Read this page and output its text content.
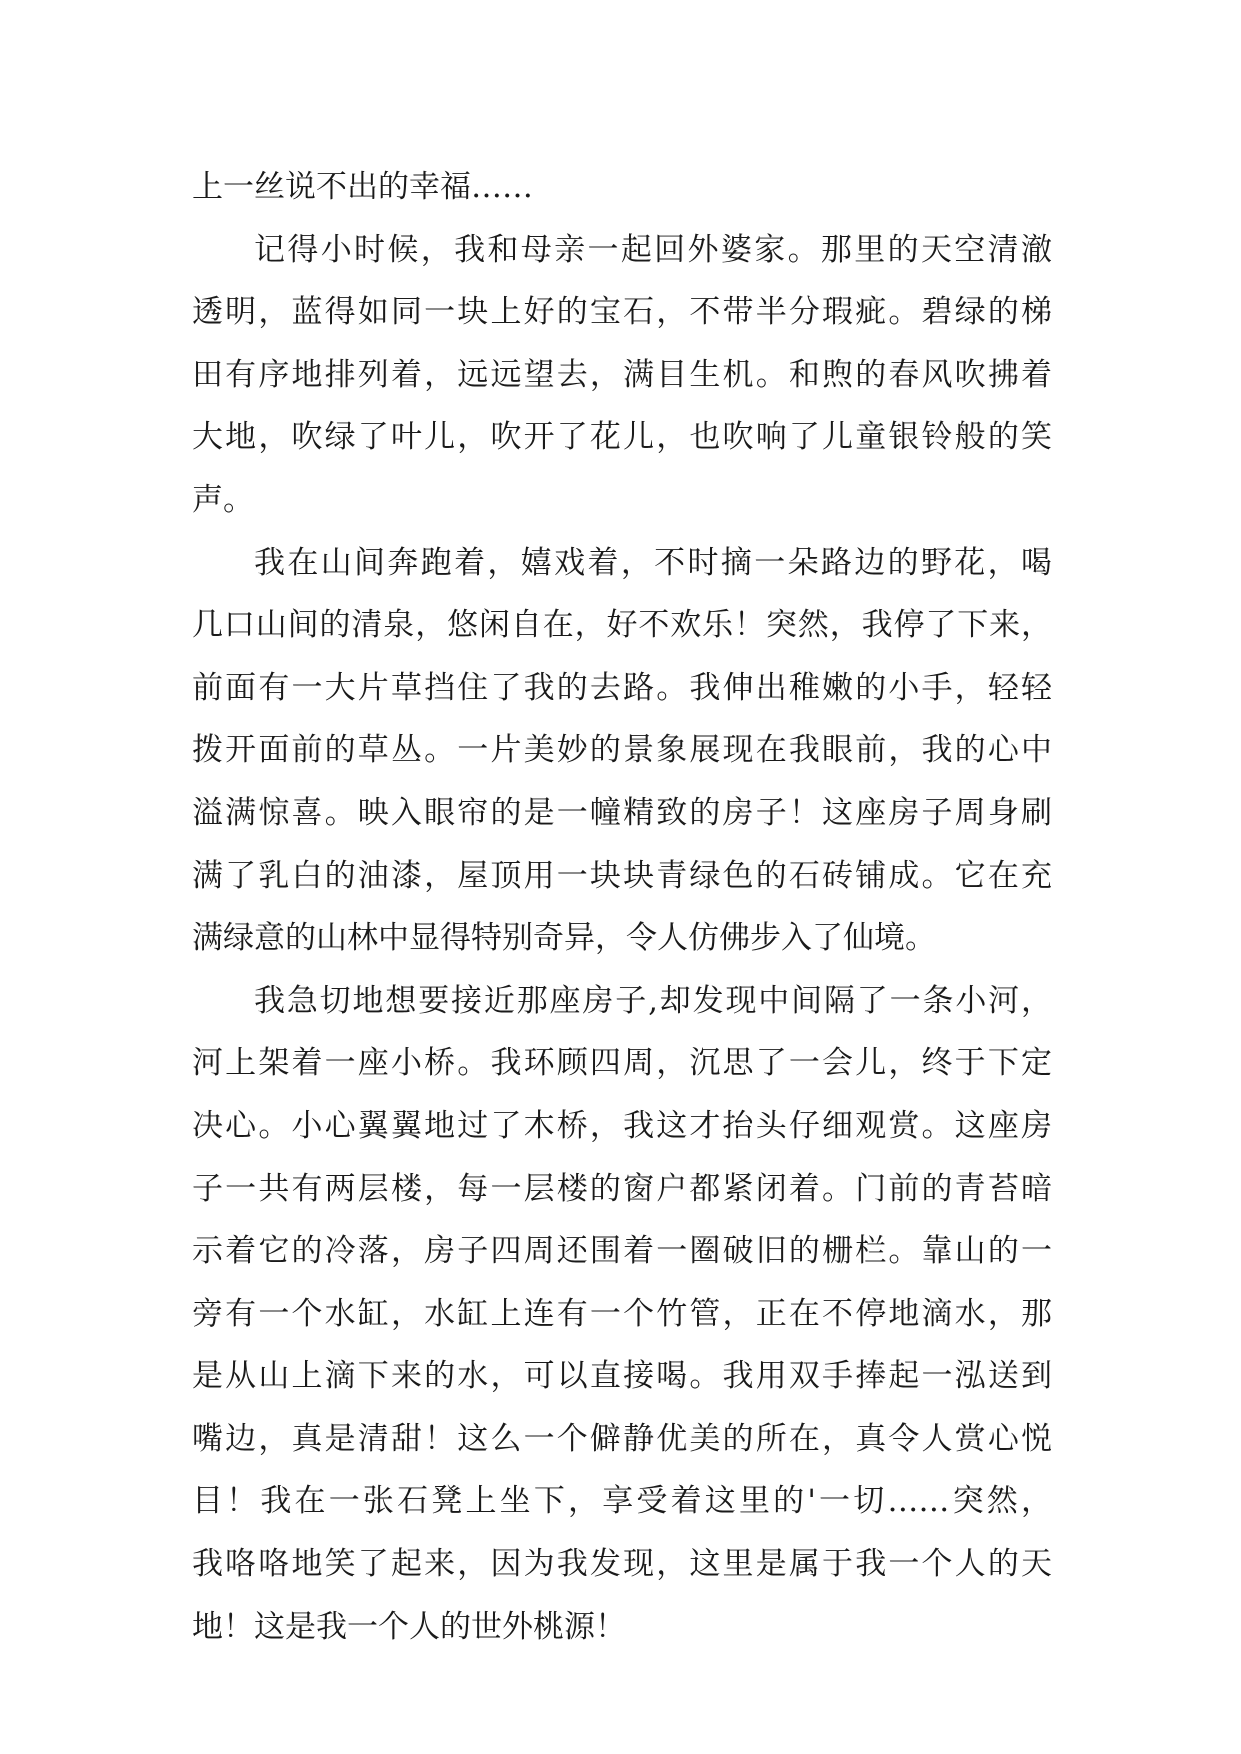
上一丝说不出的幸福……
记得小时候，我和母亲一起回外婆家。那里的天空清澈
透明，蓝得如同一块上好的宝石，不带半分瑕疵。碧绿的梯
田有序地排列着，远远望去，满目生机。和煦的春风吹拂着
大地，吹绿了叶儿，吹开了花儿，也吹响了儿童银铃般的笑
声。
我在山间奔跑着，嬉戏着，不时摘一朵路边的野花，喝
几口山间的清泉，悠闲自在，好不欢乐！突然，我停了下来，
前面有一大片草挡住了我的去路。我伸出稚嫩的小手，轻轻
拨开面前的草丛。一片美妙的景象展现在我眼前，我的心中
溢满惊喜。映入眼帘的是一幢精致的房子！这座房子周身刷
满了乳白的油漆，屋顶用一块块青绿色的石砖铺成。它在充
满绿意的山林中显得特别奇异，令人仿佛步入了仙境。
我急切地想要接近那座房子,却发现中间隔了一条小河，
河上架着一座小桥。我环顾四周，沉思了一会儿，终于下定
决心。小心翼翼地过了木桥，我这才抬头仔细观赏。这座房
子一共有两层楼，每一层楼的窗户都紧闭着。门前的青苔暗
示着它的冷落，房子四周还围着一圈破旧的栅栏。靠山的一
旁有一个水缸，水缸上连有一个竹管，正在不停地滴水，那
是从山上滴下来的水，可以直接喝。我用双手捧起一泓送到
嘴边，真是清甜！这么一个僻静优美的所在，真令人赏心悦
目！我在一张石凳上坐下，享受着这里的'一切……突然，
我咯咯地笑了起来，因为我发现，这里是属于我一个人的天
地！这是我一个人的世外桃源！
